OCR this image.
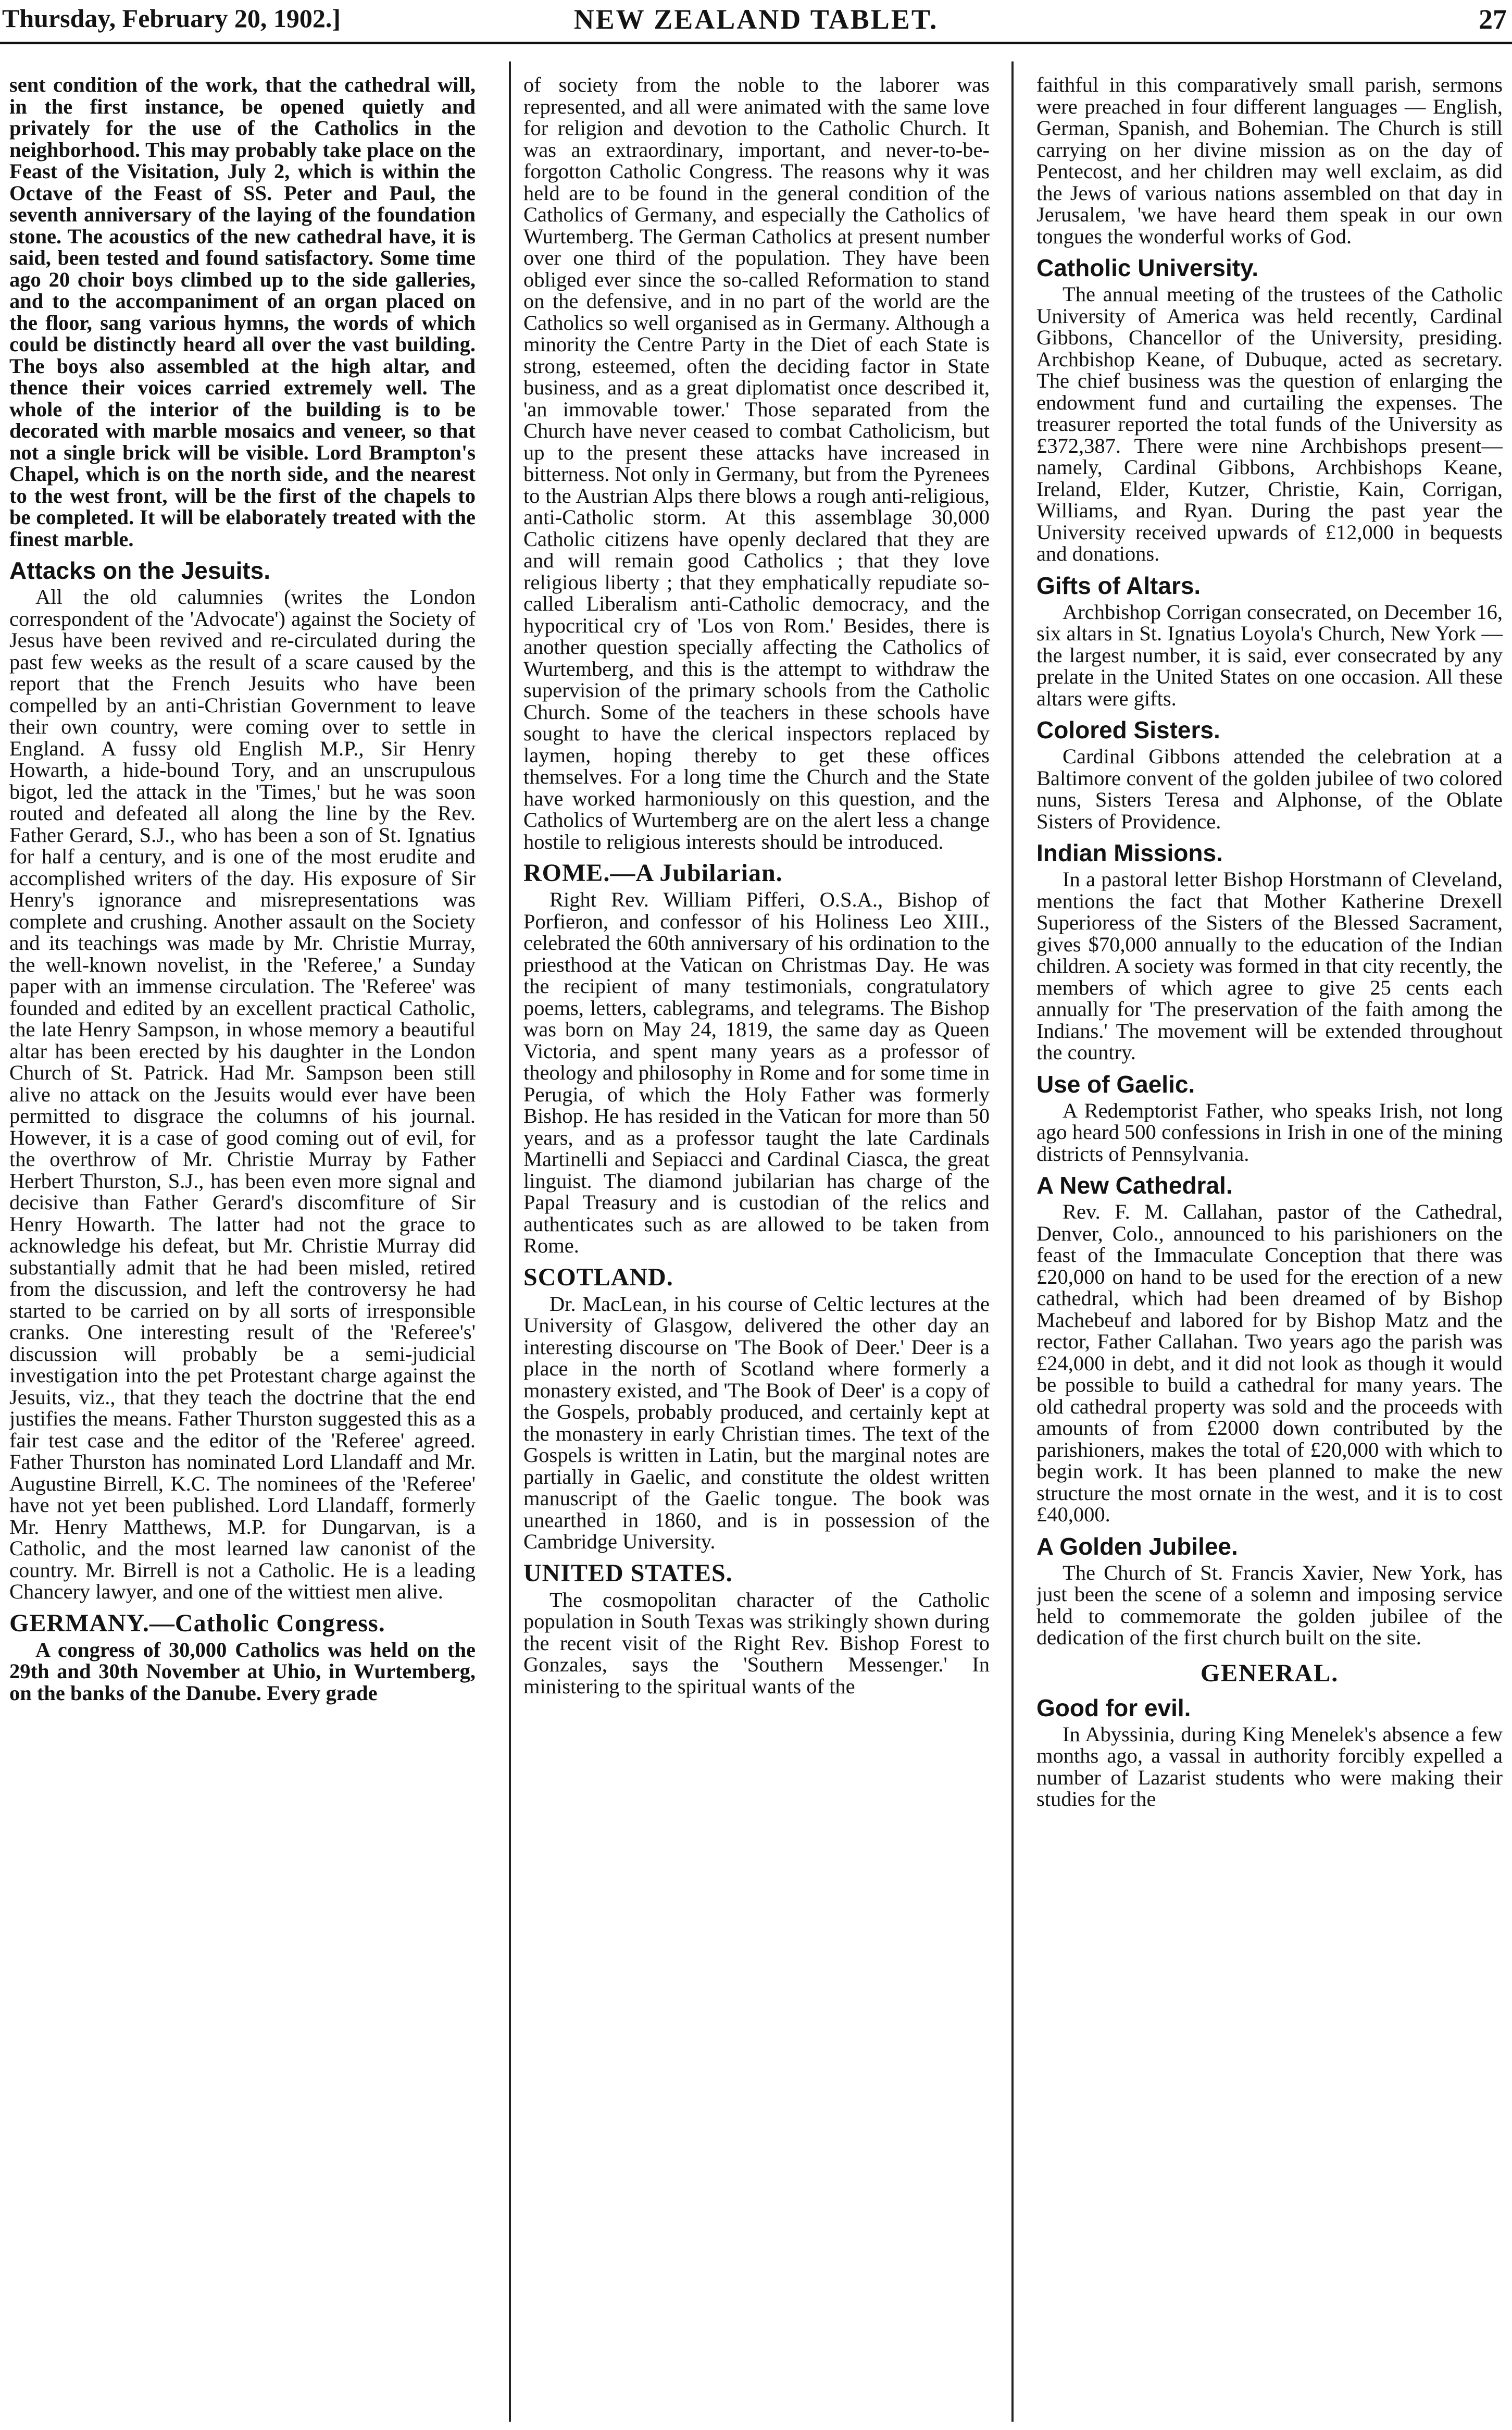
Thursday, February 20, 1902.]	NEW ZEALAND TABLET.	27

sent condition of the work, that the cathedral will, in the first instance, be opened quietly and privately for the use of the Catholics in the neighborhood. This may probably take place on the Feast of the Visitation, July 2, which is within the Octave of the Feast of SS. Peter and Paul, the seventh anniversary of the laying of the foundation stone. The acoustics of the new cathedral have, it is said, been tested and found satisfactory. Some time ago 20 choir boys climbed up to the side galleries, and to the accompaniment of an organ placed on the floor, sang various hymns, the words of which could be distinctly heard all over the vast building. The boys also assembled at the high altar, and thence their voices carried extremely well. The whole of the interior of the building is to be decorated with marble mosaics and veneer, so that not a single brick will be visible. Lord Brampton's Chapel, which is on the north side, and the nearest to the west front, will be the first of the chapels to be completed. It will be elaborately treated with the finest marble.

Attacks on the Jesuits.

All the old calumnies (writes the London correspondent of the 'Advocate') against the Society of Jesus have been revived and re-circulated during the past few weeks as the result of a scare caused by the report that the French Jesuits who have been compelled by an anti-Christian Government to leave their own country, were coming over to settle in England. A fussy old English M.P., Sir Henry Howarth, a hide-bound Tory, and an unscrupulous bigot, led the attack in the 'Times,' but he was soon routed and defeated all along the line by the Rev. Father Gerard, S.J., who has been a son of St. Ignatius for half a century, and is one of the most erudite and accomplished writers of the day. His exposure of Sir Henry's ignorance and misrepresentations was complete and crushing. Another assault on the Society and its teachings was made by Mr. Christie Murray, the well-known novelist, in the 'Referee,' a Sunday paper with an immense circulation. The 'Referee' was founded and edited by an excellent practical Catholic, the late Henry Sampson, in whose memory a beautiful altar has been erected by his daughter in the London Church of St. Patrick. Had Mr. Sampson been still alive no attack on the Jesuits would ever have been permitted to disgrace the columns of his journal. However, it is a case of good coming out of evil, for the overthrow of Mr. Christie Murray by Father Herbert Thurston, S.J., has been even more signal and decisive than Father Gerard's discomfiture of Sir Henry Howarth. The latter had not the grace to acknowledge his defeat, but Mr. Christie Murray did substantially admit that he had been misled, retired from the discussion, and left the controversy he had started to be carried on by all sorts of irresponsible cranks. One interesting result of the 'Referee's' discussion will probably be a semi-judicial investigation into the pet Protestant charge against the Jesuits, viz., that they teach the doctrine that the end justifies the means. Father Thurston suggested this as a fair test case and the editor of the 'Referee' agreed. Father Thurston has nominated Lord Llandaff and Mr. Augustine Birrell, K.C. The nominees of the 'Referee' have not yet been published. Lord Llandaff, formerly Mr. Henry Matthews, M.P. for Dungarvan, is a Catholic, and the most learned law canonist of the country. Mr. Birrell is not a Catholic. He is a leading Chancery lawyer, and one of the wittiest men alive.

GERMANY.—Catholic Congress.

A congress of 30,000 Catholics was held on the 29th and 30th November at Uhio, in Wurtemberg, on the banks of the Danube. Every grade

of society from the noble to the laborer was represented, and all were animated with the same love for religion and devotion to the Catholic Church. It was an extraordinary, important, and never-to-be-forgotton Catholic Congress. The reasons why it was held are to be found in the general condition of the Catholics of Germany, and especially the Catholics of Wurtemberg. The German Catholics at present number over one third of the population. They have been obliged ever since the so-called Reformation to stand on the defensive, and in no part of the world are the Catholics so well organised as in Germany. Although a minority the Centre Party in the Diet of each State is strong, esteemed, often the deciding factor in State business, and as a great diplomatist once described it, 'an immovable tower.' Those separated from the Church have never ceased to combat Catholicism, but up to the present these attacks have increased in bitterness. Not only in Germany, but from the Pyrenees to the Austrian Alps there blows a rough anti-religious, anti-Catholic storm. At this assemblage 30,000 Catholic citizens have openly declared that they are and will remain good Catholics ; that they love religious liberty ; that they emphatically repudiate so-called Liberalism anti-Catholic democracy, and the hypocritical cry of 'Los von Rom.' Besides, there is another question specially affecting the Catholics of Wurtemberg, and this is the attempt to withdraw the supervision of the primary schools from the Catholic Church. Some of the teachers in these schools have sought to have the clerical inspectors replaced by laymen, hoping thereby to get these offices themselves. For a long time the Church and the State have worked harmoniously on this question, and the Catholics of Wurtemberg are on the alert less a change hostile to religious interests should be introduced.

ROME.—A Jubilarian.

Right Rev. William Pifferi, O.S.A., Bishop of Porfieron, and confessor of his Holiness Leo XIII., celebrated the 60th anniversary of his ordination to the priesthood at the Vatican on Christmas Day. He was the recipient of many testimonials, congratulatory poems, letters, cablegrams, and telegrams. The Bishop was born on May 24, 1819, the same day as Queen Victoria, and spent many years as a professor of theology and philosophy in Rome and for some time in Perugia, of which the Holy Father was formerly Bishop. He has resided in the Vatican for more than 50 years, and as a professor taught the late Cardinals Martinelli and Sepiacci and Cardinal Ciasca, the great linguist. The diamond jubilarian has charge of the Papal Treasury and is custodian of the relics and authenticates such as are allowed to be taken from Rome.

SCOTLAND.

Dr. MacLean, in his course of Celtic lectures at the University of Glasgow, delivered the other day an interesting discourse on 'The Book of Deer.' Deer is a place in the north of Scotland where formerly a monastery existed, and 'The Book of Deer' is a copy of the Gospels, probably produced, and certainly kept at the monastery in early Christian times. The text of the Gospels is written in Latin, but the marginal notes are partially in Gaelic, and constitute the oldest written manuscript of the Gaelic tongue. The book was unearthed in 1860, and is in possession of the Cambridge University.

UNITED STATES.

The cosmopolitan character of the Catholic population in South Texas was strikingly shown during the recent visit of the Right Rev. Bishop Forest to Gonzales, says the 'Southern Messenger.' In ministering to the spiritual wants of the

faithful in this comparatively small parish, sermons were preached in four different languages — English, German, Spanish, and Bohemian. The Church is still carrying on her divine mission as on the day of Pentecost, and her children may well exclaim, as did the Jews of various nations assembled on that day in Jerusalem, 'we have heard them speak in our own tongues the wonderful works of God.

Catholic University.

The annual meeting of the trustees of the Catholic University of America was held recently, Cardinal Gibbons, Chancellor of the University, presiding. Archbishop Keane, of Dubuque, acted as secretary. The chief business was the question of enlarging the endowment fund and curtailing the expenses. The treasurer reported the total funds of the University as £372,387. There were nine Archbishops present—namely, Cardinal Gibbons, Archbishops Keane, Ireland, Elder, Kutzer, Christie, Kain, Corrigan, Williams, and Ryan. During the past year the University received upwards of £12,000 in bequests and donations.

Gifts of Altars.

Archbishop Corrigan consecrated, on December 16, six altars in St. Ignatius Loyola's Church, New York —the largest number, it is said, ever consecrated by any prelate in the United States on one occasion. All these altars were gifts.

Colored Sisters.

Cardinal Gibbons attended the celebration at a Baltimore convent of the golden jubilee of two colored nuns, Sisters Teresa and Alphonse, of the Oblate Sisters of Providence.

Indian Missions.

In a pastoral letter Bishop Horstmann of Cleveland, mentions the fact that Mother Katherine Drexell Superioress of the Sisters of the Blessed Sacrament, gives $70,000 annually to the education of the Indian children. A society was formed in that city recently, the members of which agree to give 25 cents each annually for 'The preservation of the faith among the Indians.' The movement will be extended throughout the country.

Use of Gaelic.

A Redemptorist Father, who speaks Irish, not long ago heard 500 confessions in Irish in one of the mining districts of Pennsylvania.

A New Cathedral.

Rev. F. M. Callahan, pastor of the Cathedral, Denver, Colo., announced to his parishioners on the feast of the Immaculate Conception that there was £20,000 on hand to be used for the erection of a new cathedral, which had been dreamed of by Bishop Machebeuf and labored for by Bishop Matz and the rector, Father Callahan. Two years ago the parish was £24,000 in debt, and it did not look as though it would be possible to build a cathedral for many years. The old cathedral property was sold and the proceeds with amounts of from £2000 down contributed by the parishioners, makes the total of £20,000 with which to begin work. It has been planned to make the new structure the most ornate in the west, and it is to cost £40,000.

A Golden Jubilee.

The Church of St. Francis Xavier, New York, has just been the scene of a solemn and imposing service held to commemorate the golden jubilee of the dedication of the first church built on the site.

GENERAL.
Good for evil.

In Abyssinia, during King Menelek's absence a few months ago, a vassal in authority forcibly expelled a number of Lazarist students who were making their studies for the
